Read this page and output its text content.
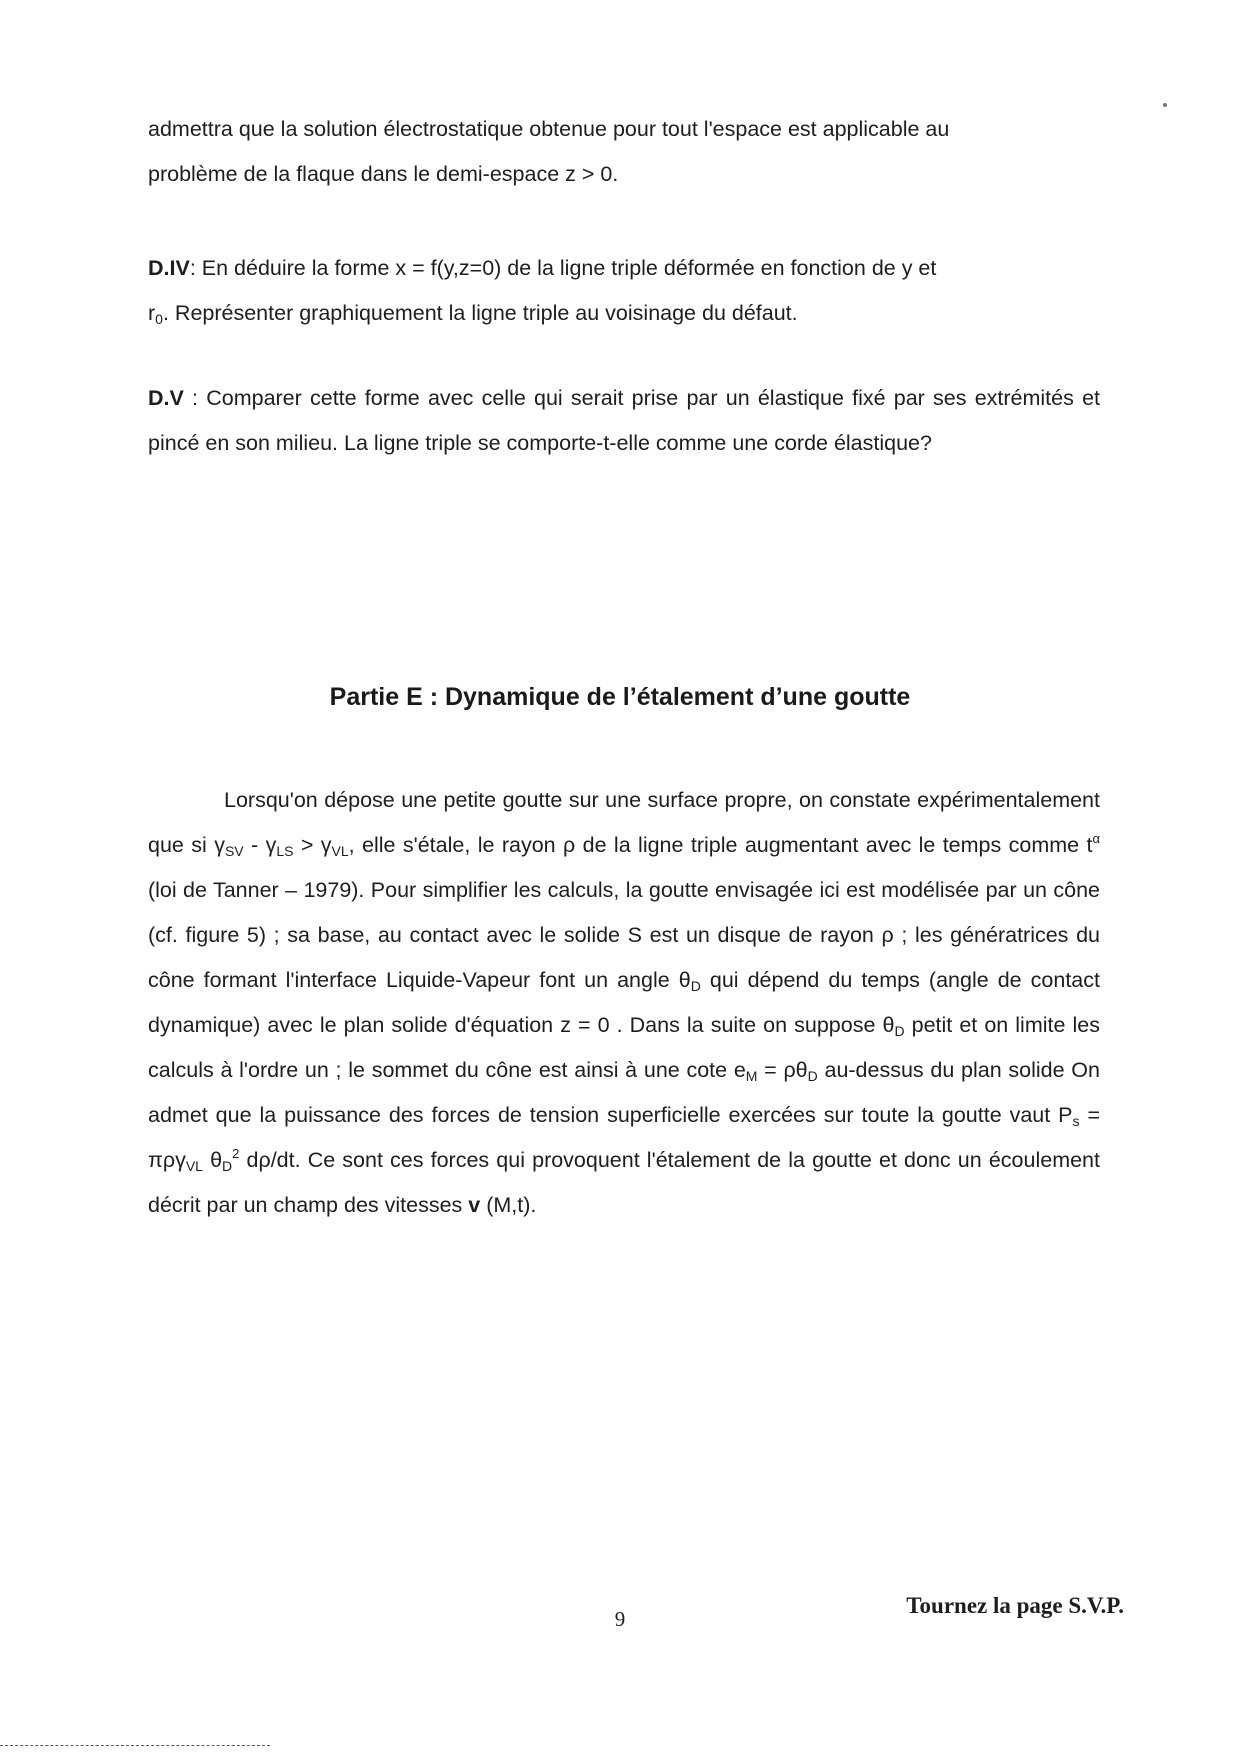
admettra que la solution électrostatique obtenue pour tout l'espace est applicable au
problème de la flaque dans le demi-espace z > 0.

D.IV: En déduire la forme x = f(y,z=0) de la ligne triple déformée en fonction de y et
$r_0$. Représenter graphiquement la ligne triple au voisinage du défaut.

D.V : Comparer cette forme avec celle qui serait prise par un élastique fixé par ses extrémités et pincé en son milieu. La ligne triple se comporte-t-elle comme une corde élastique?

Partie E : Dynamique de l’étalement d’une goutte

Lorsqu'on dépose une petite goutte sur une surface propre, on constate expérimentalement que si $\gamma_{SV} - \gamma_{LS} > \gamma_{VL}$, elle s'étale, le rayon ρ de la ligne triple augmentant avec le temps comme $t^\alpha$ (loi de Tanner – 1979). Pour simplifier les calculs, la goutte envisagée ici est modélisée par un cône (cf. figure 5) ; sa base, au contact avec le solide S est un disque de rayon ρ ; les génératrices du cône formant l'interface Liquide-Vapeur font un angle $\theta_D$ qui dépend du temps (angle de contact dynamique) avec le plan solide d'équation z = 0 . Dans la suite on suppose $\theta_D$ petit et on limite les calculs à l'ordre un ; le sommet du cône est ainsi à une cote $e_M = \rho\theta_D$ au-dessus du plan solide On admet que la puissance des forces de tension superficielle exercées sur toute la goutte vaut $P_s = \pi\rho\gamma_{VL}$ $\theta_D^2$ dρ/dt. Ce sont ces forces qui provoquent l'étalement de la goutte et donc un écoulement décrit par un champ des vitesses v (M,t).

9
Tournez la page S.V.P.
